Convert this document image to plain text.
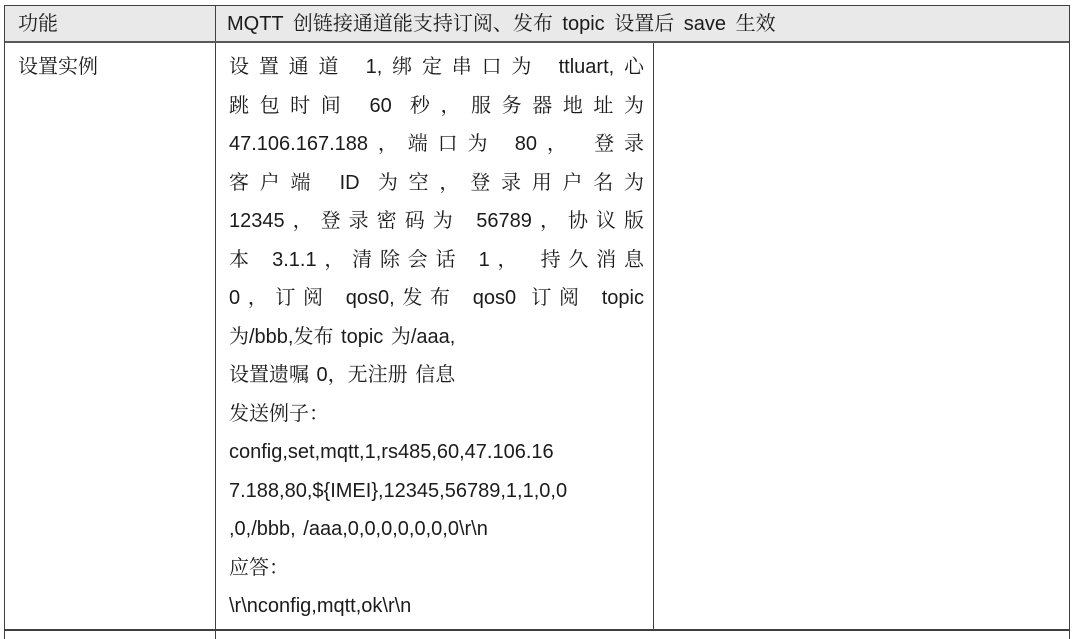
功能	MQTT 创链接通道能支持订阅、发布 topic 设置后 save 生效
设置实例	设置通道 1,绑定串口为 ttluart,心
跳包时间 60 秒，服务器地址为
47.106.167.188，端口为 80， 登录
客户端 ID 为空，登录用户名为
12345，登录密码为 56789，协议版
本 3.1.1，清除会话 1， 持久消息
0，订阅 qos0,发布 qos0 订阅 topic
为/bbb,发布 topic 为/aaa,
设置遗嘱 0，无注册 信息
发送例子：
config,set,mqtt,1,rs485,60,47.106.16
7.188,80,${IMEI},12345,56789,1,1,0,0
,0,/bbb, /aaa,0,0,0,0,0,0,0\r\n
应答：
\r\nconfig,mqtt,ok\r\n
